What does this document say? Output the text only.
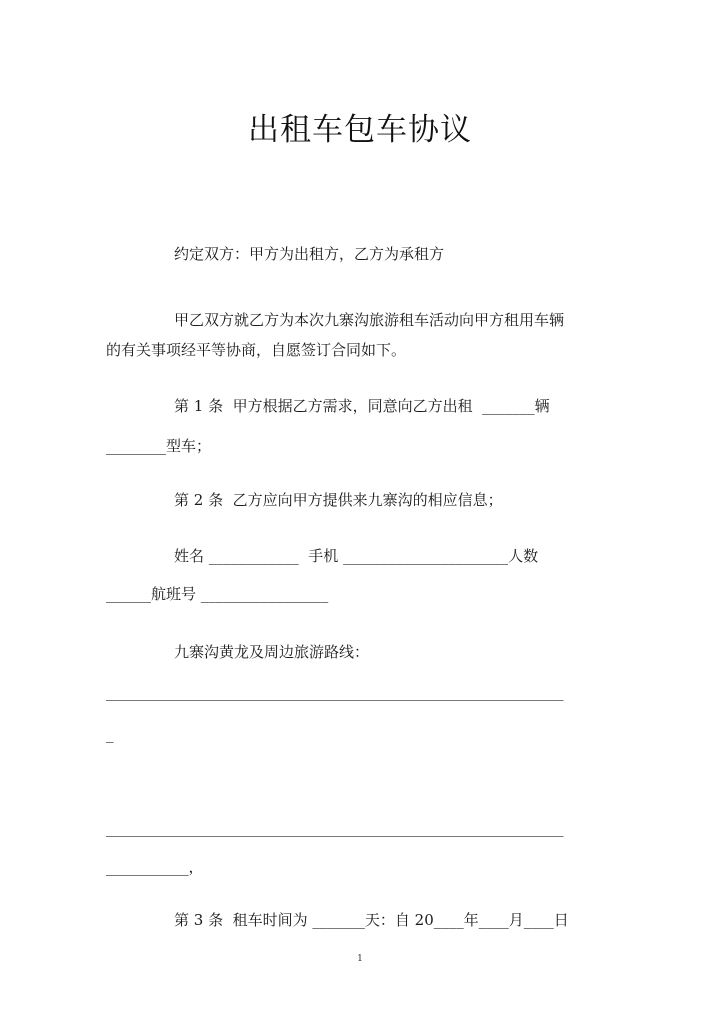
出租车包车协议
约定双方：甲方为出租方，乙方为承租方
甲乙双方就乙方为本次九寨沟旅游租车活动向甲方租用车辆
的有关事项经平等协商，自愿签订合同如下。
第 1 条  甲方根据乙方需求，同意向乙方出租  _______辆
________型车；
第 2 条  乙方应向甲方提供来九寨沟的相应信息；
姓名 ____________  手机 ______________________人数
______航班号 _________________
九寨沟黄龙及周边旅游路线：
_____________________________________________________________
_
_____________________________________________________________
___________，
第 3 条  租车时间为 _______天：自 20____年____月____日
1
